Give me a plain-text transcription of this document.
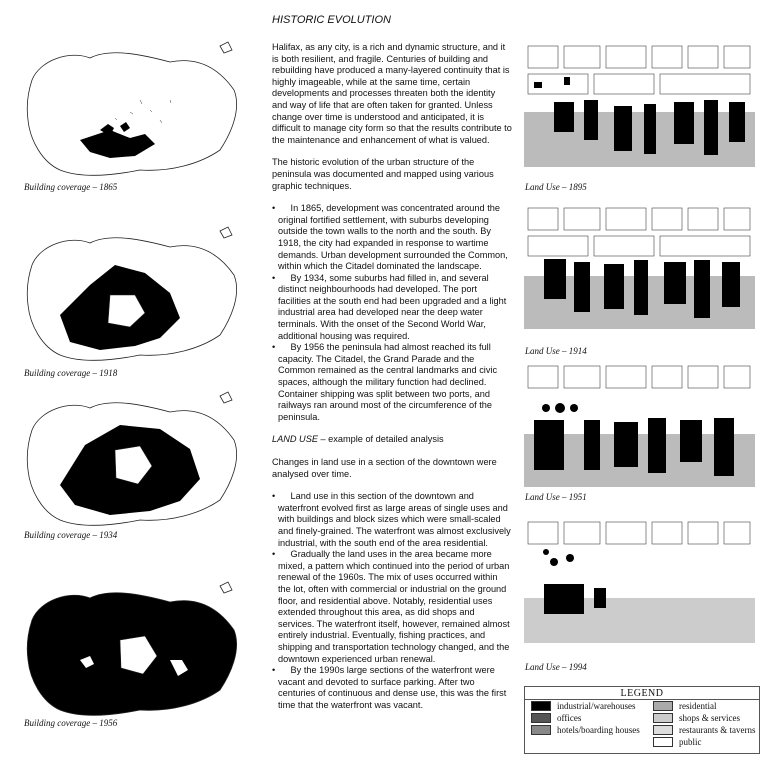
HISTORIC EVOLUTION
Building coverage – 1865
Building coverage – 1918
Building coverage – 1934
Building coverage – 1956

Halifax, as any city, is a rich and dynamic structure, and it is both resilient, and fragile. Centuries of building and rebuilding have produced a many-layered continuity that is highly imageable, while at the same time, certain developments and processes threaten both the identity and way of life that are often taken for granted. Unless change over time is understood and anticipated, it is difficult to manage city form so that the results contribute to the maintenance and enhancement of what is valued.

The historic evolution of the urban structure of the peninsula was documented and mapped using various graphic techniques.

•      In 1865, development was concentrated around the original fortified settlement, with suburbs developing outside the town walls to the north and the south. By 1918, the city had expanded in response to wartime demands. Urban development surrounded the Common, within which the Citadel dominated the landscape.

•      By 1934, some suburbs had filled in, and several distinct neighbourhoods had developed. The port facilities at the south end had been upgraded and a light industrial area had developed near the deep water terminals. With the onset of the Second World War, additional housing was required.

•      By 1956 the peninsula had almost reached its full capacity. The Citadel, the Grand Parade and the Common remained as the central landmarks and civic spaces, although the military function had declined. Container shipping was split between two ports, and railways ran around most of the circumference of the peninsula.

LAND USE – example of detailed analysis

Changes in land use in a section of the downtown were analysed over time.

•      Land use in this section of the downtown and waterfront evolved first as large areas of single uses and with buildings and block sizes which were small-scaled and finely-grained. The waterfront was almost exclusively industrial, with the south end of the area residential.

•      Gradually the land uses in the area became more mixed, a pattern which continued into the period of urban renewal of the 1960s. The mix of uses occurred within the lot, often with commercial or industrial on the ground floor, and residential above. Notably, residential uses extended throughout this area, as did shops and services. The waterfront itself, however, remained almost entirely industrial. Eventually, fishing practices, and shipping and transportation technology changed, and the downtown experienced urban renewal.

•      By the 1990s large sections of the waterfront were vacant and devoted to surface parking. After two centuries of continuous and dense use, this was the first time that the waterfront was vacant.

Land Use – 1895
Land Use – 1914
Land Use – 1951
Land Use – 1994
LEGEND
industrial/warehouses
offices
hotels/boarding houses
residential
shops & services
restaurants & taverns
public
